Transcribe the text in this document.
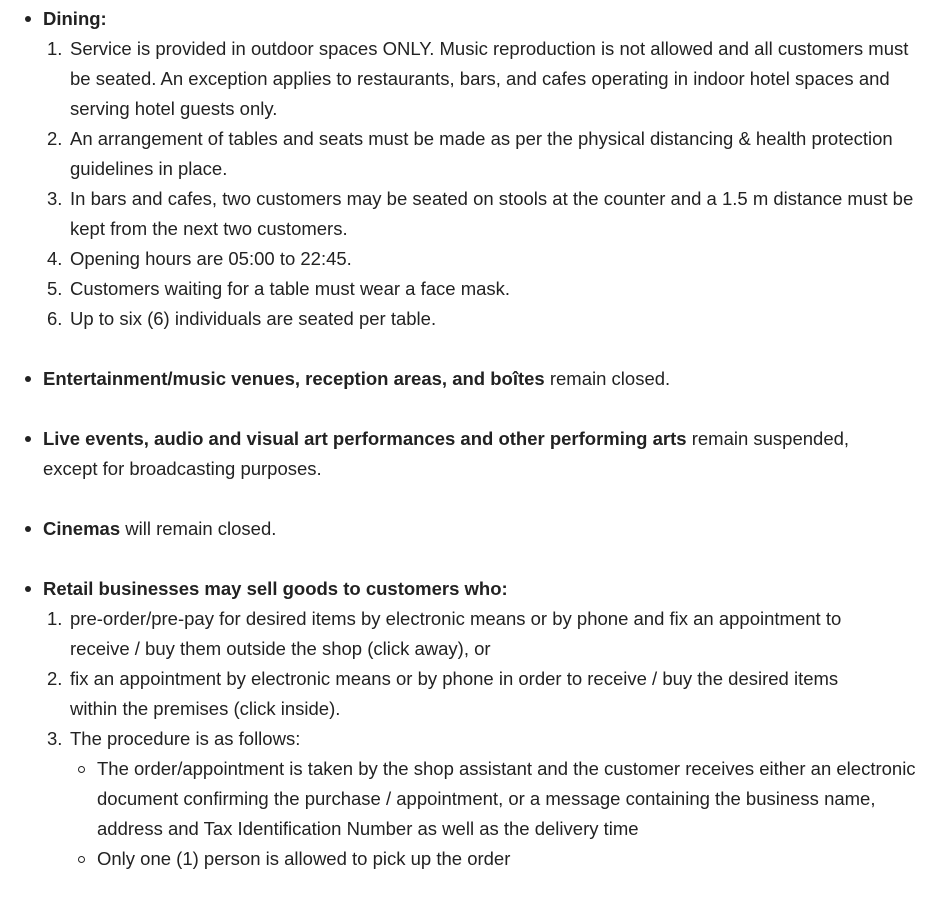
Dining:
1. Service is provided in outdoor spaces ONLY. Music reproduction is not allowed and all customers must be seated. An exception applies to restaurants, bars, and cafes operating in indoor hotel spaces and serving hotel guests only.
2. An arrangement of tables and seats must be made as per the physical distancing & health protection guidelines in place.
3. In bars and cafes, two customers may be seated on stools at the counter and a 1.5 m distance must be kept from the next two customers.
4. Opening hours are 05:00 to 22:45.
5. Customers waiting for a table must wear a face mask.
6. Up to six (6) individuals are seated per table.
Entertainment/music venues, reception areas, and boîtes remain closed.
Live events, audio and visual art performances and other performing arts remain suspended, except for broadcasting purposes.
Cinemas will remain closed.
Retail businesses may sell goods to customers who:
1. pre-order/pre-pay for desired items by electronic means or by phone and fix an appointment to receive / buy them outside the shop (click away), or
2. fix an appointment by electronic means or by phone in order to receive / buy the desired items within the premises (click inside).
3. The procedure is as follows:
The order/appointment is taken by the shop assistant and the customer receives either an electronic document confirming the purchase / appointment, or a message containing the business name, address and Tax Identification Number as well as the delivery time
Only one (1) person is allowed to pick up the order
